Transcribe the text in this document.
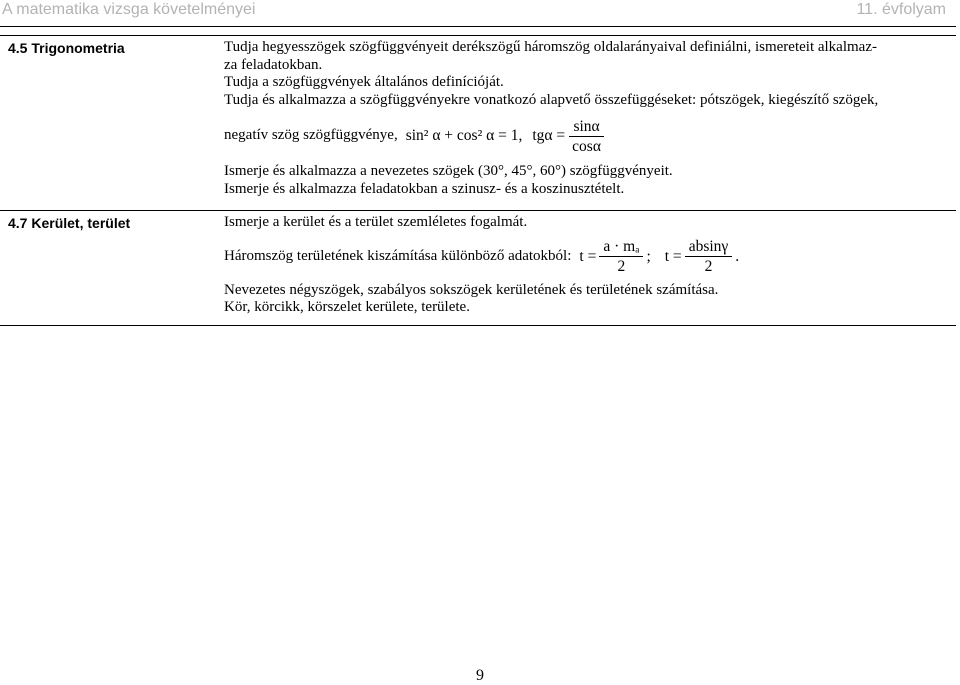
A matematika vizsga követelményei	11. évfolyam
4.5 Trigonometria	Tudja hegyesszögek szögfüggvényeit derékszögű háromszög oldalarányaival definiálni, ismereteit alkalmaz-
za feladatokban.
Tudja a szögfüggvények általános definícióját.
Tudja és alkalmazza a szögfüggvényekre vonatkozó alapvető összefüggéseket: pótszögek, kiegészítő szögek,
negatív szög szögfüggvénye, sin² α + cos² α = 1, $tg\alpha = \frac{\sin\alpha}{\cos\alpha}$
Ismerje és alkalmazza a nevezetes szögek (30°, 45°, 60°) szögfüggvényeit.
Ismerje és alkalmazza feladatokban a szinusz- és a koszinusztételt.
4.7 Kerület, terület	Ismerje a kerület és a terület szemléletes fogalmát.
Háromszög területének kiszámítása különböző adatokból: $t = \frac{\text{a · mₐ}}{2}$ ; $t = \frac{absin\gamma}{2}$ .
Nevezetes négyszögek, szabályos sokszögek kerületének és területének számítása.
Kör, körcikk, körszelet kerülete, területe.
9
